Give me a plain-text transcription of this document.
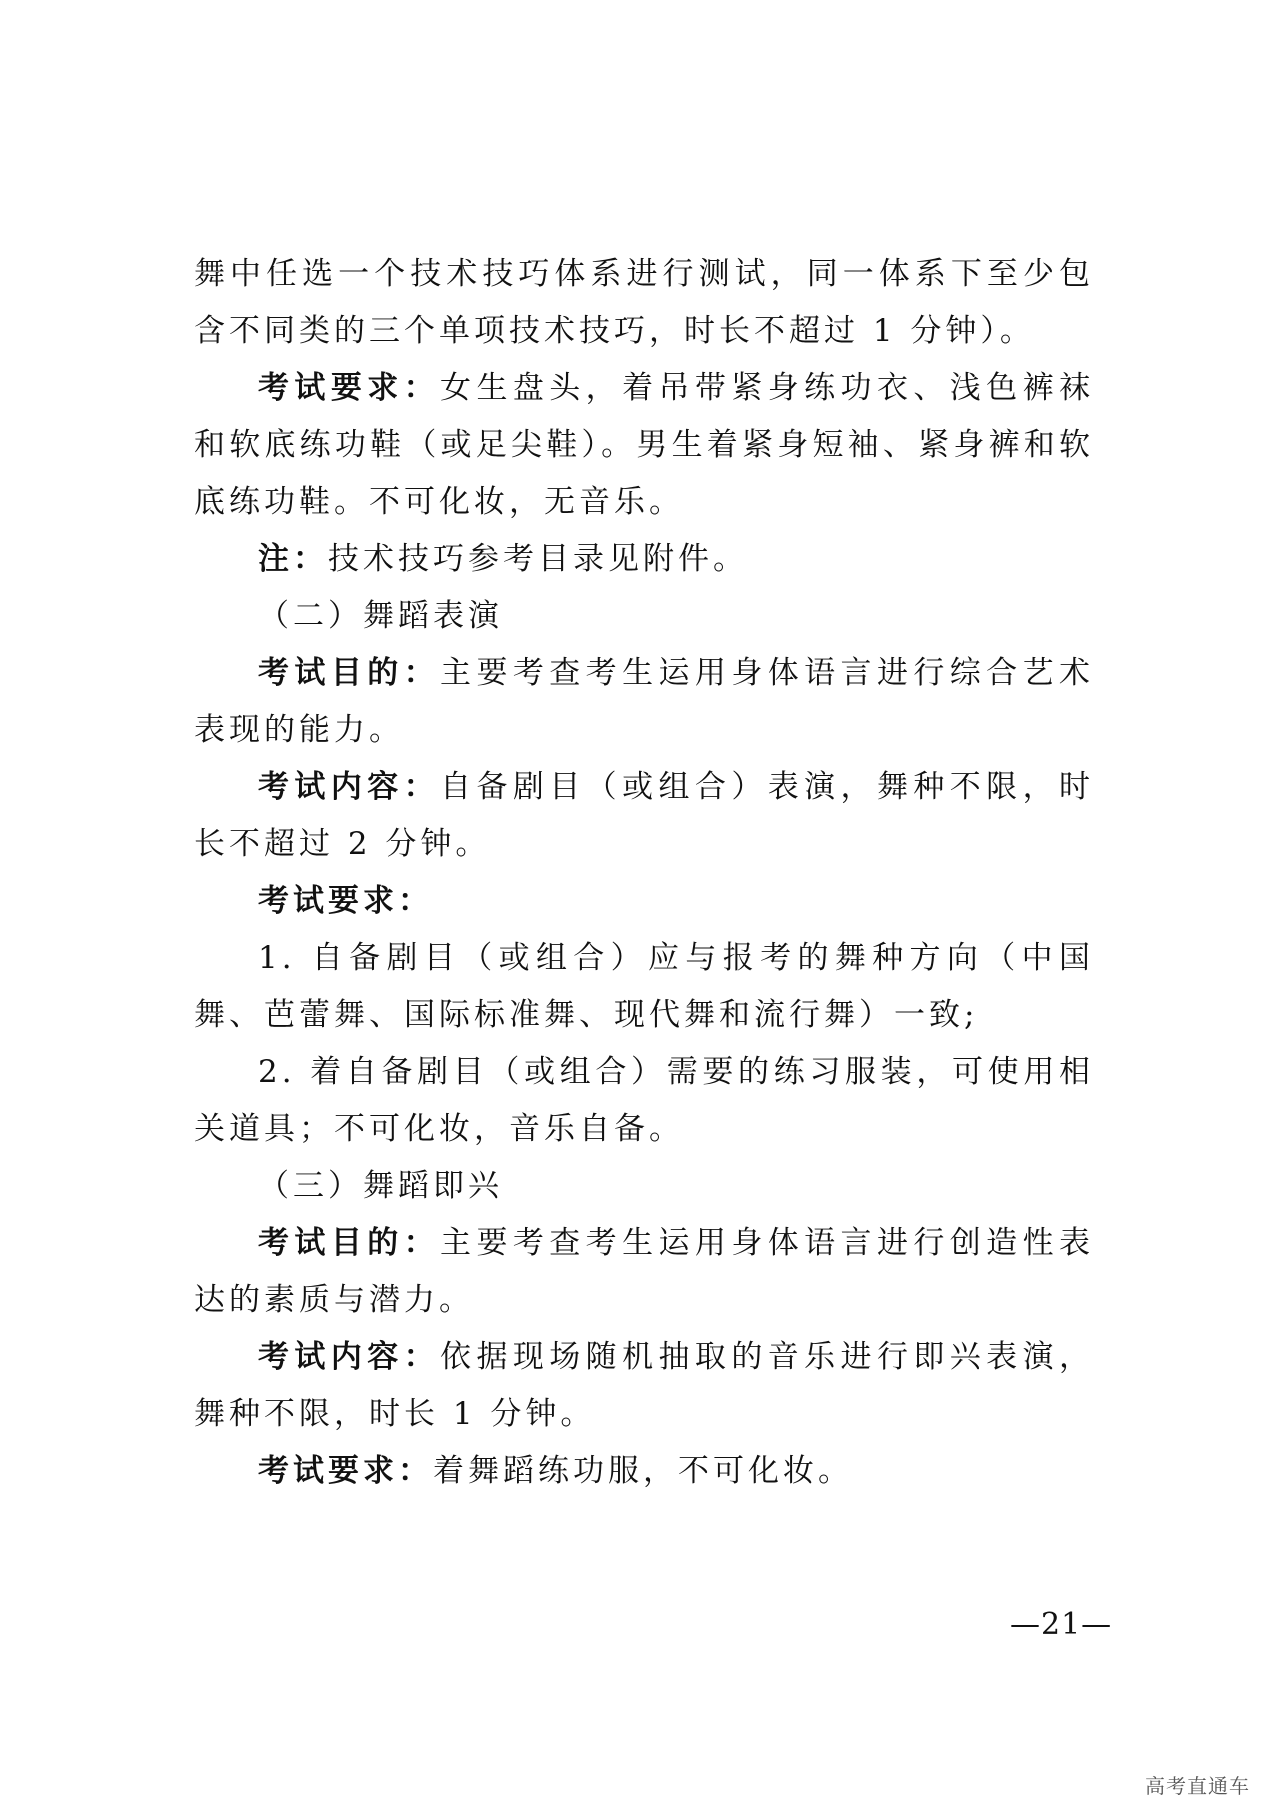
舞中任选一个技术技巧体系进行测试，同一体系下至少包含不同类的三个单项技术技巧，时长不超过 1 分钟）。

考试要求：女生盘头，着吊带紧身练功衣、浅色裤袜和软底练功鞋（或足尖鞋）。男生着紧身短袖、紧身裤和软底练功鞋。不可化妆，无音乐。

注：技术技巧参考目录见附件。

（二）舞蹈表演

考试目的：主要考查考生运用身体语言进行综合艺术表现的能力。

考试内容：自备剧目（或组合）表演，舞种不限，时长不超过 2 分钟。

考试要求：

1. 自备剧目（或组合）应与报考的舞种方向（中国舞、芭蕾舞、国际标准舞、现代舞和流行舞）一致;

2. 着自备剧目（或组合）需要的练习服装，可使用相关道具；不可化妆，音乐自备。

（三）舞蹈即兴

考试目的：主要考查考生运用身体语言进行创造性表达的素质与潜力。

考试内容：依据现场随机抽取的音乐进行即兴表演，舞种不限，时长 1 分钟。

考试要求：着舞蹈练功服，不可化妆。

—21—
高考直通车
